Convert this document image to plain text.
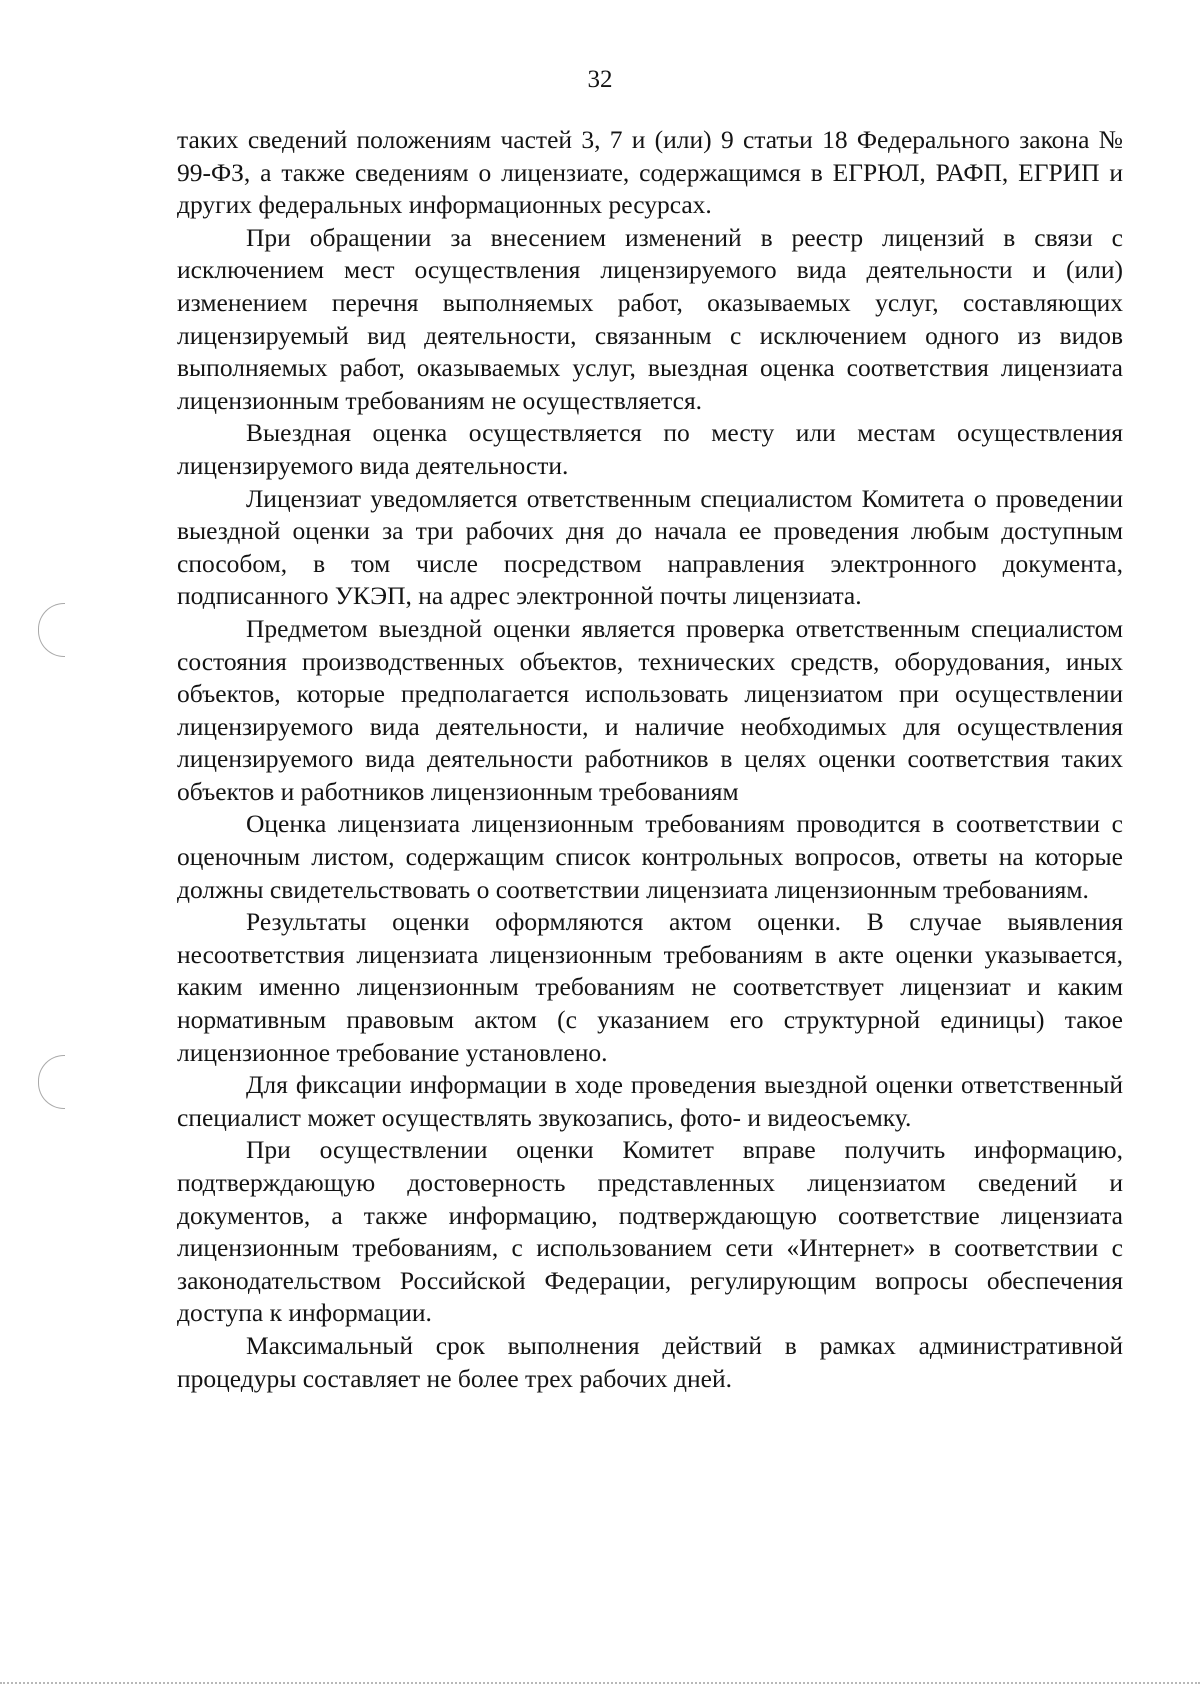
32

таких сведений положениям частей 3, 7 и (или) 9 статьи 18 Федерального закона № 99-ФЗ, а также сведениям о лицензиате, содержащимся в ЕГРЮЛ, РАФП, ЕГРИП и других федеральных информационных ресурсах.

При обращении за внесением изменений в реестр лицензий в связи с исключением мест осуществления лицензируемого вида деятельности и (или) изменением перечня выполняемых работ, оказываемых услуг, составляющих лицензируемый вид деятельности, связанным с исключением одного из видов выполняемых работ, оказываемых услуг, выездная оценка соответствия лицензиата лицензионным требованиям не осуществляется.

Выездная оценка осуществляется по месту или местам осуществления лицензируемого вида деятельности.

Лицензиат уведомляется ответственным специалистом Комитета о проведении выездной оценки за три рабочих дня до начала ее проведения любым доступным способом, в том числе посредством направления электронного документа, подписанного УКЭП, на адрес электронной почты лицензиата.

Предметом выездной оценки является проверка ответственным специалистом состояния производственных объектов, технических средств, оборудования, иных объектов, которые предполагается использовать лицензиатом при осуществлении лицензируемого вида деятельности, и наличие необходимых для осуществления лицензируемого вида деятельности работников в целях оценки соответствия таких объектов и работников лицензионным требованиям

Оценка лицензиата лицензионным требованиям проводится в соответствии с оценочным листом, содержащим список контрольных вопросов, ответы на которые должны свидетельствовать о соответствии лицензиата лицензионным требованиям.

Результаты оценки оформляются актом оценки. В случае выявления несоответствия лицензиата лицензионным требованиям в акте оценки указывается, каким именно лицензионным требованиям не соответствует лицензиат и каким нормативным правовым актом (с указанием его структурной единицы) такое лицензионное требование установлено.

Для фиксации информации в ходе проведения выездной оценки ответственный специалист может осуществлять звукозапись, фото- и видеосъемку.

При осуществлении оценки Комитет вправе получить информацию, подтверждающую достоверность представленных лицензиатом сведений и документов, а также информацию, подтверждающую соответствие лицензиата лицензионным требованиям, с использованием сети «Интернет» в соответствии с законодательством Российской Федерации, регулирующим вопросы обеспечения доступа к информации.

Максимальный срок выполнения действий в рамках административной процедуры составляет не более трех рабочих дней.
